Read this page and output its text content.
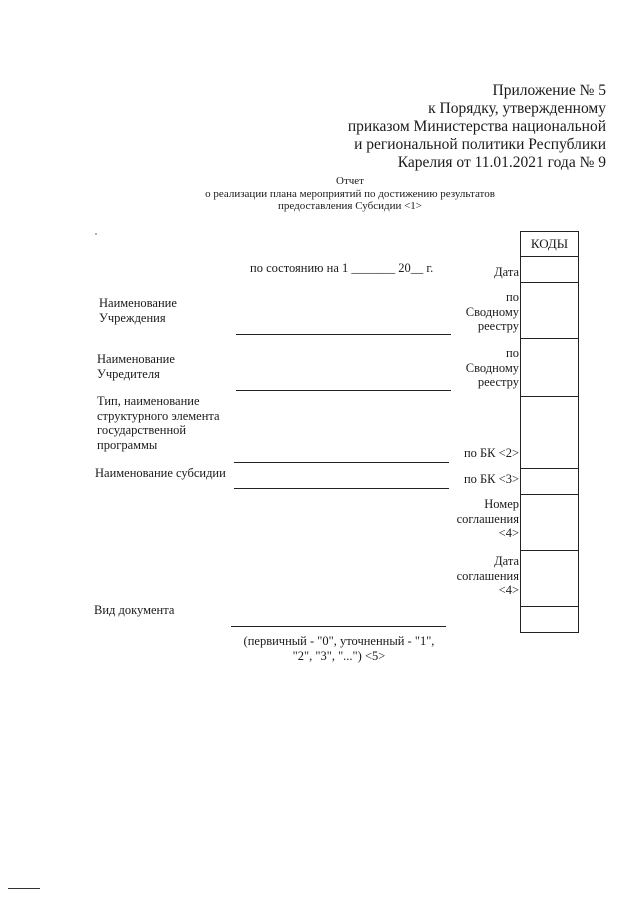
Приложение № 5
к Порядку, утвержденному
приказом Министерства национальной
и региональной политики Республики
Карелия от 11.01.2021 года № 9
Отчет
о реализации плана мероприятий по достижению результатов
предоставления Субсидии <1>
по состоянию на 1 _______ 20__ г.
Наименование
Учреждения
Наименование
Учредителя
Тип, наименование
структурного элемента
государственной
программы
Наименование субсидии
Вид документа
(первичный - "0", уточненный - "1",
"2", "3", "...") <5>
Дата
по
Сводному
реестру
по
Сводному
реестру
по БК <2>
по БК <3>
Номер
соглашения
<4>
Дата
соглашения
<4>
КОДЫ
